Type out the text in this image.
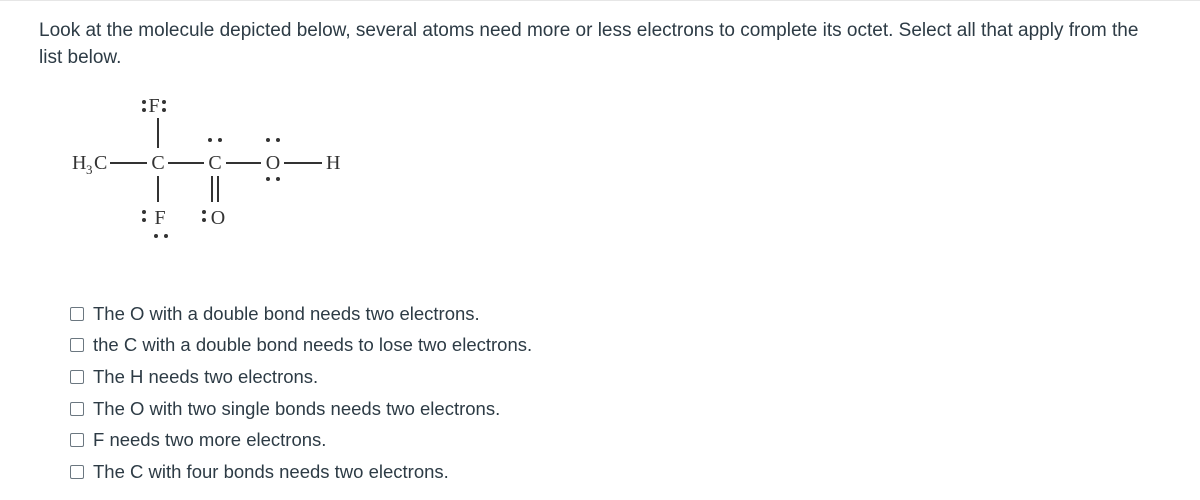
Look at the molecule depicted below, several atoms need more or less electrons to complete its octet. Select all that apply from the list below.

F
H 3 C C C O H
F O
The O with a double bond needs two electrons.
the C with a double bond needs to lose two electrons.
The H needs two electrons.
The O with two single bonds needs two electrons.
F needs two more electrons.
The C with four bonds needs two electrons.
